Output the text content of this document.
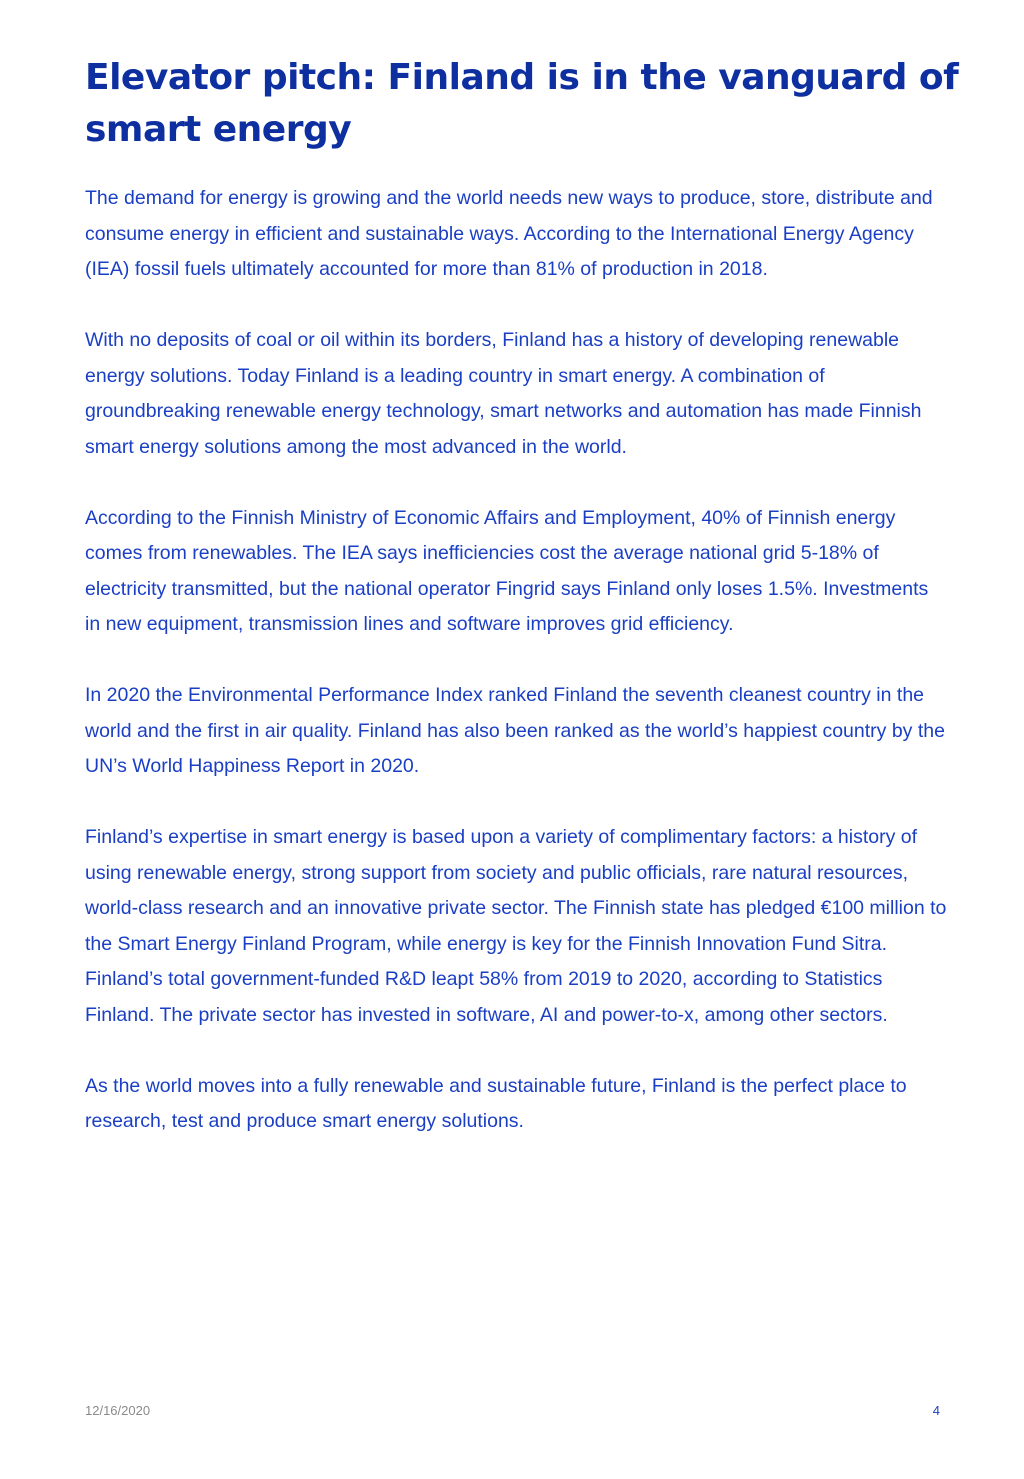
Elevator pitch: Finland is in the vanguard of smart energy

The demand for energy is growing and the world needs new ways to produce, store, distribute and consume energy in efficient and sustainable ways. According to the International Energy Agency (IEA) fossil fuels ultimately accounted for more than 81% of production in 2018.

With no deposits of coal or oil within its borders, Finland has a history of developing renewable energy solutions. Today Finland is a leading country in smart energy. A combination of groundbreaking renewable energy technology, smart networks and automation has made Finnish smart energy solutions among the most advanced in the world.

According to the Finnish Ministry of Economic Affairs and Employment, 40% of Finnish energy comes from renewables. The IEA says inefficiencies cost the average national grid 5-18% of electricity transmitted, but the national operator Fingrid says Finland only loses 1.5%. Investments in new equipment, transmission lines and software improves grid efficiency.

In 2020 the Environmental Performance Index ranked Finland the seventh cleanest country in the world and the first in air quality. Finland has also been ranked as the world’s happiest country by the UN’s World Happiness Report in 2020.

Finland’s expertise in smart energy is based upon a variety of complimentary factors: a history of using renewable energy, strong support from society and public officials, rare natural resources, world-class research and an innovative private sector. The Finnish state has pledged €100 million to the Smart Energy Finland Program, while energy is key for the Finnish Innovation Fund Sitra. Finland’s total government-funded R&D leapt 58% from 2019 to 2020, according to Statistics Finland. The private sector has invested in software, AI and power-to-x, among other sectors.

As the world moves into a fully renewable and sustainable future, Finland is the perfect place to research, test and produce smart energy solutions.

12/16/2020	4
